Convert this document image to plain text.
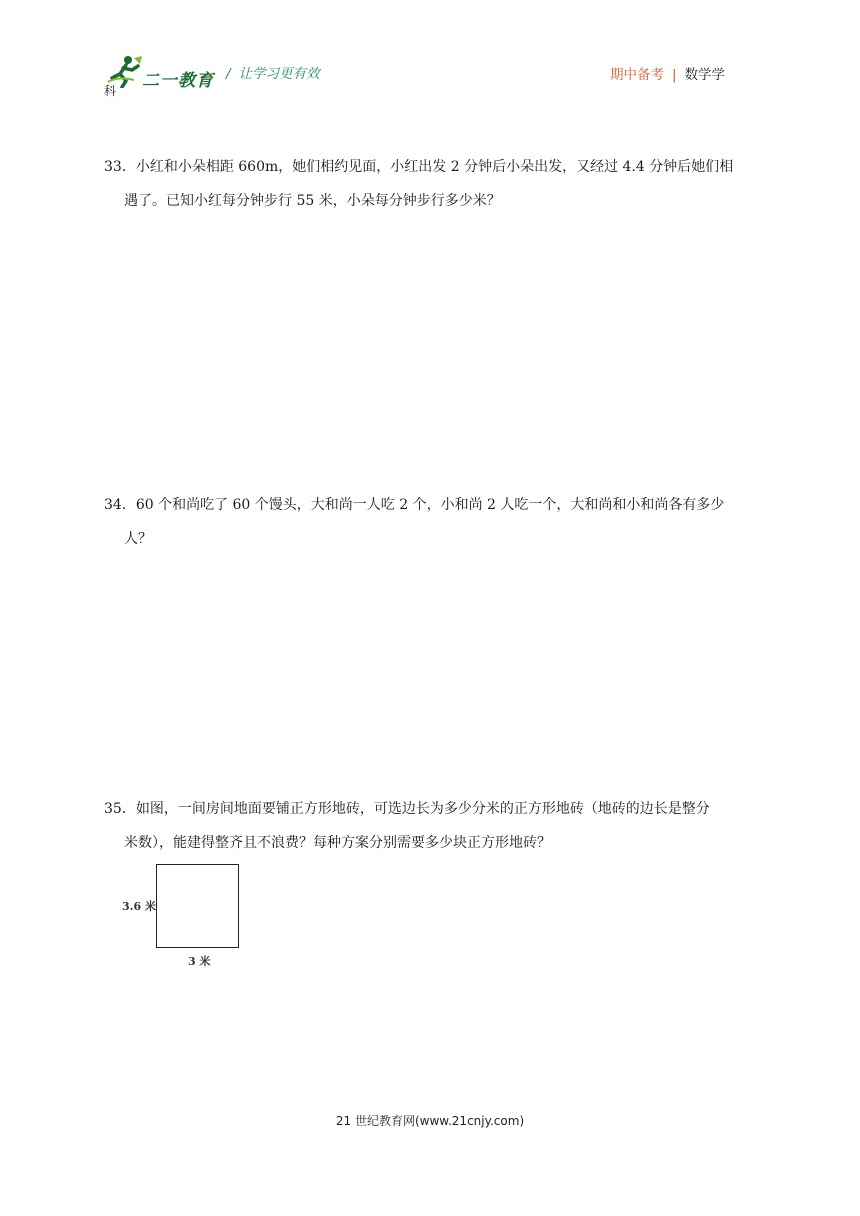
二一教育
科
/ 让学习更有效	期中备考 | 数学学
33．小红和小朵相距 660m，她们相约见面，小红出发 2 分钟后小朵出发，又经过 4.4 分钟后她们相
遇了。已知小红每分钟步行 55 米，小朵每分钟步行多少米？
34．60 个和尚吃了 60 个馒头，大和尚一人吃 2 个，小和尚 2 人吃一个，大和尚和小和尚各有多少
人？
35．如图，一间房间地面要铺正方形地砖，可选边长为多少分米的正方形地砖（地砖的边长是整分
米数），能建得整齐且不浪费？每种方案分别需要多少块正方形地砖？
3.6 米
3 米
21 世纪教育网(www.21cnjy.com)
